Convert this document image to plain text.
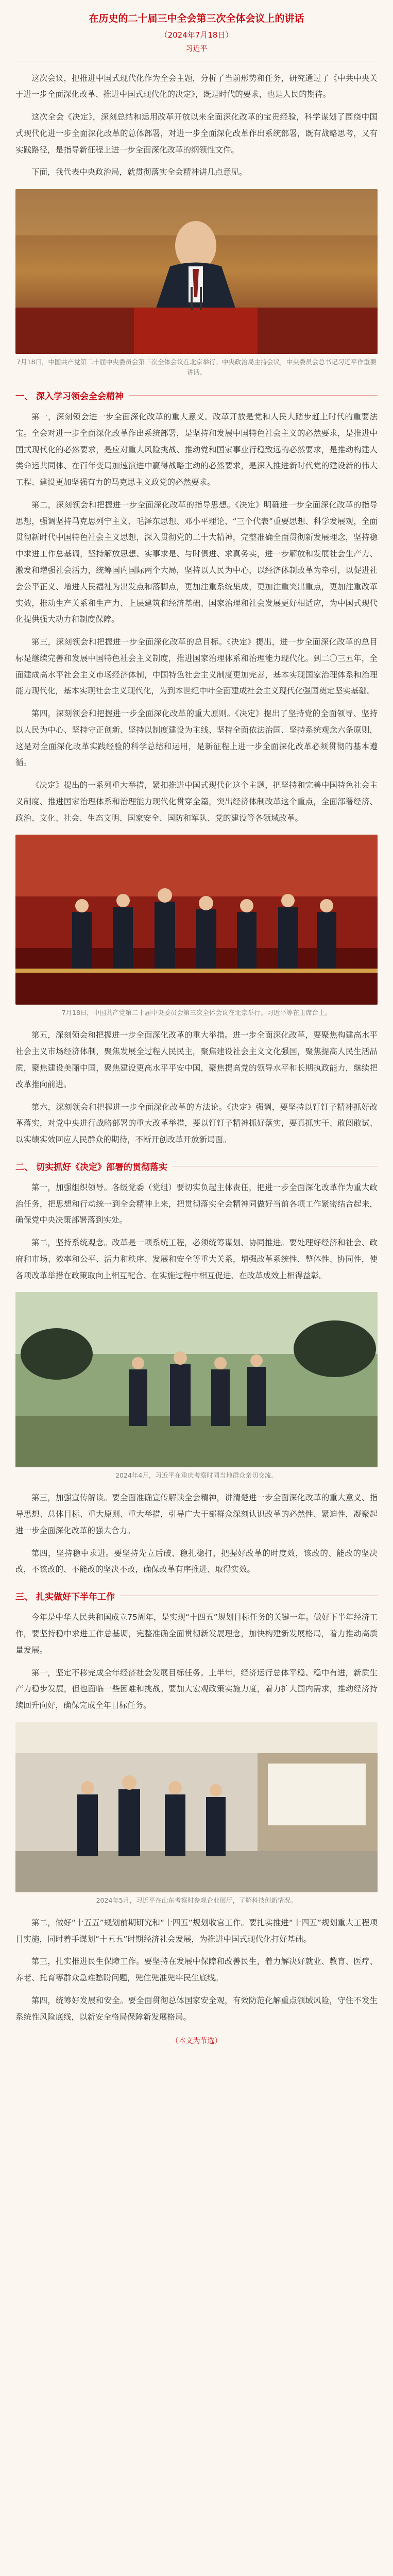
在历史的二十届三中全会第三次全体会议上的讲话
（2024年7月18日）
习近平

这次会议，把推进中国式现代化作为全会主题，分析了当前形势和任务，研究通过了《中共中央关于进一步全面深化改革、推进中国式现代化的决定》，既是时代的要求，也是人民的期待。

这次全会《决定》，深刻总结和运用改革开放以来全面深化改革的宝贵经验，科学谋划了围绕中国式现代化进一步全面深化改革的总体部署，对进一步全面深化改革作出系统部署，既有战略思考，又有实践路径，是指导新征程上进一步全面深化改革的纲领性文件。

下面，我代表中央政治局，就贯彻落实全会精神讲几点意见。

7月18日，中国共产党第二十届中央委员会第三次全体会议在北京举行。中央政治局主持会议，中央委员会总书记习近平作重要讲话。
一、 深入学习领会全会精神

第一，深刻领会进一步全面深化改革的重大意义。改革开放是党和人民大踏步赶上时代的重要法宝。全会对进一步全面深化改革作出系统部署，是坚持和发展中国特色社会主义的必然要求，是推进中国式现代化的必然要求，是应对重大风险挑战、推动党和国家事业行稳致远的必然要求，是推动构建人类命运共同体、在百年变局加速演进中赢得战略主动的必然要求，是深入推进新时代党的建设新的伟大工程、建设更加坚强有力的马克思主义政党的必然要求。

第二，深刻领会和把握进一步全面深化改革的指导思想。《决定》明确进一步全面深化改革的指导思想，强调坚持马克思列宁主义、毛泽东思想、邓小平理论、“三个代表”重要思想、科学发展观，全面贯彻新时代中国特色社会主义思想，深入贯彻党的二十大精神，完整准确全面贯彻新发展理念，坚持稳中求进工作总基调，坚持解放思想、实事求是、与时俱进、求真务实，进一步解放和发展社会生产力、激发和增强社会活力，统筹国内国际两个大局，坚持以人民为中心，以经济体制改革为牵引，以促进社会公平正义、增进人民福祉为出发点和落脚点，更加注重系统集成，更加注重突出重点，更加注重改革实效，推动生产关系和生产力、上层建筑和经济基础、国家治理和社会发展更好相适应，为中国式现代化提供强大动力和制度保障。

第三，深刻领会和把握进一步全面深化改革的总目标。《决定》提出，进一步全面深化改革的总目标是继续完善和发展中国特色社会主义制度，推进国家治理体系和治理能力现代化。到二〇三五年，全面建成高水平社会主义市场经济体制，中国特色社会主义制度更加完善，基本实现国家治理体系和治理能力现代化，基本实现社会主义现代化，为到本世纪中叶全面建成社会主义现代化强国奠定坚实基础。

第四，深刻领会和把握进一步全面深化改革的重大原则。《决定》提出了坚持党的全面领导、坚持以人民为中心、坚持守正创新、坚持以制度建设为主线、坚持全面依法治国、坚持系统观念六条原则，这是对全面深化改革实践经验的科学总结和运用，是新征程上进一步全面深化改革必须贯彻的基本遵循。

《决定》提出的一系列重大举措，紧扣推进中国式现代化这个主题，把坚持和完善中国特色社会主义制度、推进国家治理体系和治理能力现代化贯穿全篇，突出经济体制改革这个重点，全面部署经济、政治、文化、社会、生态文明、国家安全、国防和军队、党的建设等各领域改革。

7月18日，中国共产党第二十届中央委员会第三次全体会议在北京举行。习近平等在主席台上。

第五，深刻领会和把握进一步全面深化改革的重大举措。进一步全面深化改革，要聚焦构建高水平社会主义市场经济体制，聚焦发展全过程人民民主，聚焦建设社会主义文化强国，聚焦提高人民生活品质，聚焦建设美丽中国，聚焦建设更高水平平安中国，聚焦提高党的领导水平和长期执政能力，继续把改革推向前进。

第六，深刻领会和把握进一步全面深化改革的方法论。《决定》强调，要坚持以钉钉子精神抓好改革落实，对党中央进行战略部署的重大改革举措，要以钉钉子精神抓好落实，要真抓实干、敢闯敢试、以实绩实效回应人民群众的期待，不断开创改革开放新局面。

二、 切实抓好《决定》部署的贯彻落实

第一，加强组织领导。各级党委（党组）要切实负起主体责任，把进一步全面深化改革作为重大政治任务，把思想和行动统一到全会精神上来，把贯彻落实全会精神同做好当前各项工作紧密结合起来，确保党中央决策部署落到实处。

第二，坚持系统观念。改革是一项系统工程，必须统筹谋划、协同推进。要处理好经济和社会、政府和市场、效率和公平、活力和秩序、发展和安全等重大关系，增强改革系统性、整体性、协同性，使各项改革举措在政策取向上相互配合、在实施过程中相互促进、在改革成效上相得益彰。

2024年4月，习近平在重庆考察时同当地群众亲切交流。

第三，加强宣传解读。要全面准确宣传解读全会精神，讲清楚进一步全面深化改革的重大意义、指导思想、总体目标、重大原则、重大举措，引导广大干部群众深刻认识改革的必然性、紧迫性，凝聚起进一步全面深化改革的强大合力。

第四，坚持稳中求进。要坚持先立后破、稳扎稳打，把握好改革的时度效，该改的、能改的坚决改，不该改的、不能改的坚决不改，确保改革有序推进、取得实效。

三、 扎实做好下半年工作

今年是中华人民共和国成立75周年，是实现“十四五”规划目标任务的关键一年。做好下半年经济工作，要坚持稳中求进工作总基调，完整准确全面贯彻新发展理念，加快构建新发展格局，着力推动高质量发展。

第一，坚定不移完成全年经济社会发展目标任务。上半年，经济运行总体平稳、稳中有进，新质生产力稳步发展，但也面临一些困难和挑战。要加大宏观政策实施力度，着力扩大国内需求，推动经济持续回升向好，确保完成全年目标任务。

2024年5月，习近平在山东考察时参观企业展厅，了解科技创新情况。

第二，做好“十五五”规划前期研究和“十四五”规划收官工作。要扎实推进“十四五”规划重大工程项目实施，同时着手谋划“十五五”时期经济社会发展，为推进中国式现代化打好基础。

第三，扎实推进民生保障工作。要坚持在发展中保障和改善民生，着力解决好就业、教育、医疗、养老、托育等群众急难愁盼问题，兜住兜准兜牢民生底线。

第四，统筹好发展和安全。要全面贯彻总体国家安全观，有效防范化解重点领域风险，守住不发生系统性风险底线，以新安全格局保障新发展格局。

（本文为节选）
